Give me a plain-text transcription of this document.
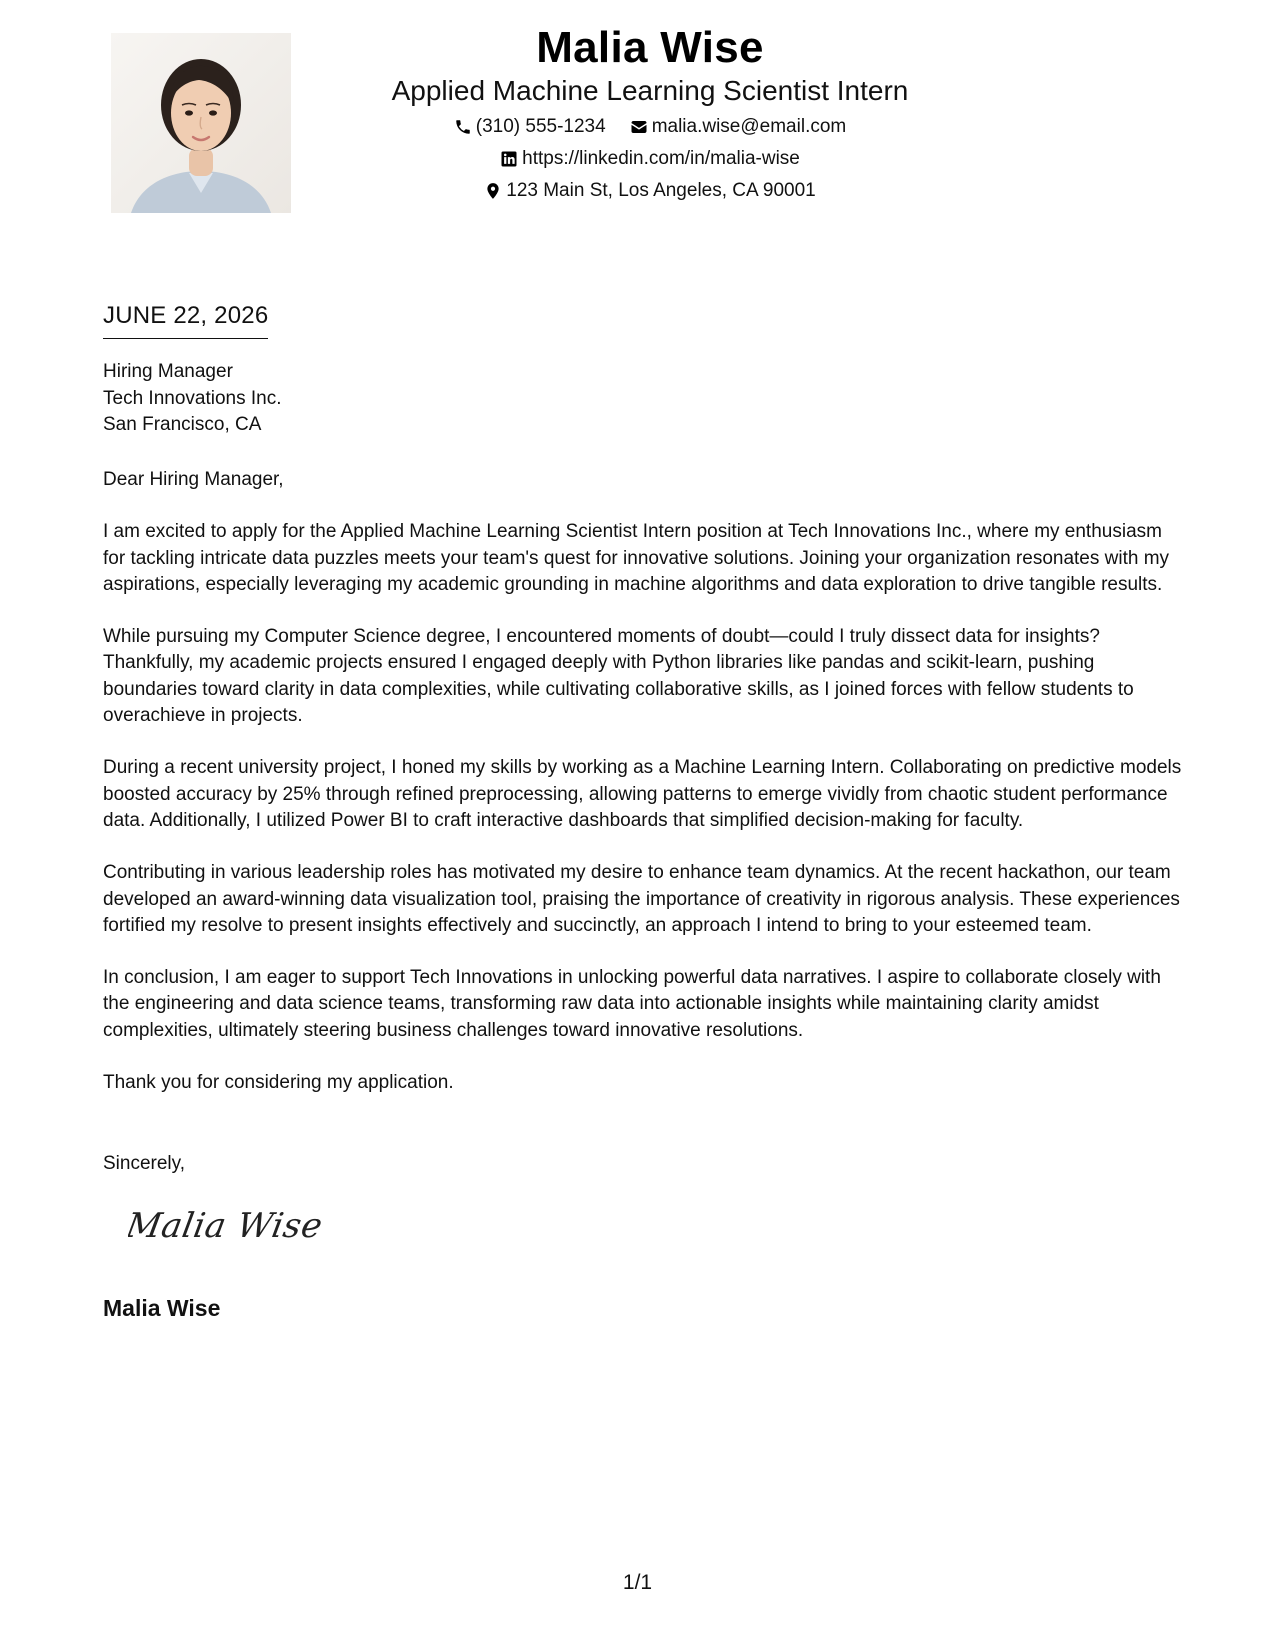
Malia Wise
Applied Machine Learning Scientist Intern
(310) 555-1234 malia.wise@email.com
https://linkedin.com/in/malia-wise
123 Main St, Los Angeles, CA 90001
JUNE 22, 2026
Hiring Manager
Tech Innovations Inc.
San Francisco, CA

Dear Hiring Manager,

I am excited to apply for the Applied Machine Learning Scientist Intern position at Tech Innovations Inc., where my enthusiasm for tackling intricate data puzzles meets your team's quest for innovative solutions. Joining your organization resonates with my aspirations, especially leveraging my academic grounding in machine algorithms and data exploration to drive tangible results.

While pursuing my Computer Science degree, I encountered moments of doubt—could I truly dissect data for insights? Thankfully, my academic projects ensured I engaged deeply with Python libraries like pandas and scikit-learn, pushing boundaries toward clarity in data complexities, while cultivating collaborative skills, as I joined forces with fellow students to overachieve in projects.

During a recent university project, I honed my skills by working as a Machine Learning Intern. Collaborating on predictive models boosted accuracy by 25% through refined preprocessing, allowing patterns to emerge vividly from chaotic student performance data. Additionally, I utilized Power BI to craft interactive dashboards that simplified decision-making for faculty.

Contributing in various leadership roles has motivated my desire to enhance team dynamics. At the recent hackathon, our team developed an award-winning data visualization tool, praising the importance of creativity in rigorous analysis. These experiences fortified my resolve to present insights effectively and succinctly, an approach I intend to bring to your esteemed team.

In conclusion, I am eager to support Tech Innovations in unlocking powerful data narratives. I aspire to collaborate closely with the engineering and data science teams, transforming raw data into actionable insights while maintaining clarity amidst complexities, ultimately steering business challenges toward innovative resolutions.

Thank you for considering my application.

Sincerely,
Malia Wise
Malia Wise
1/1
